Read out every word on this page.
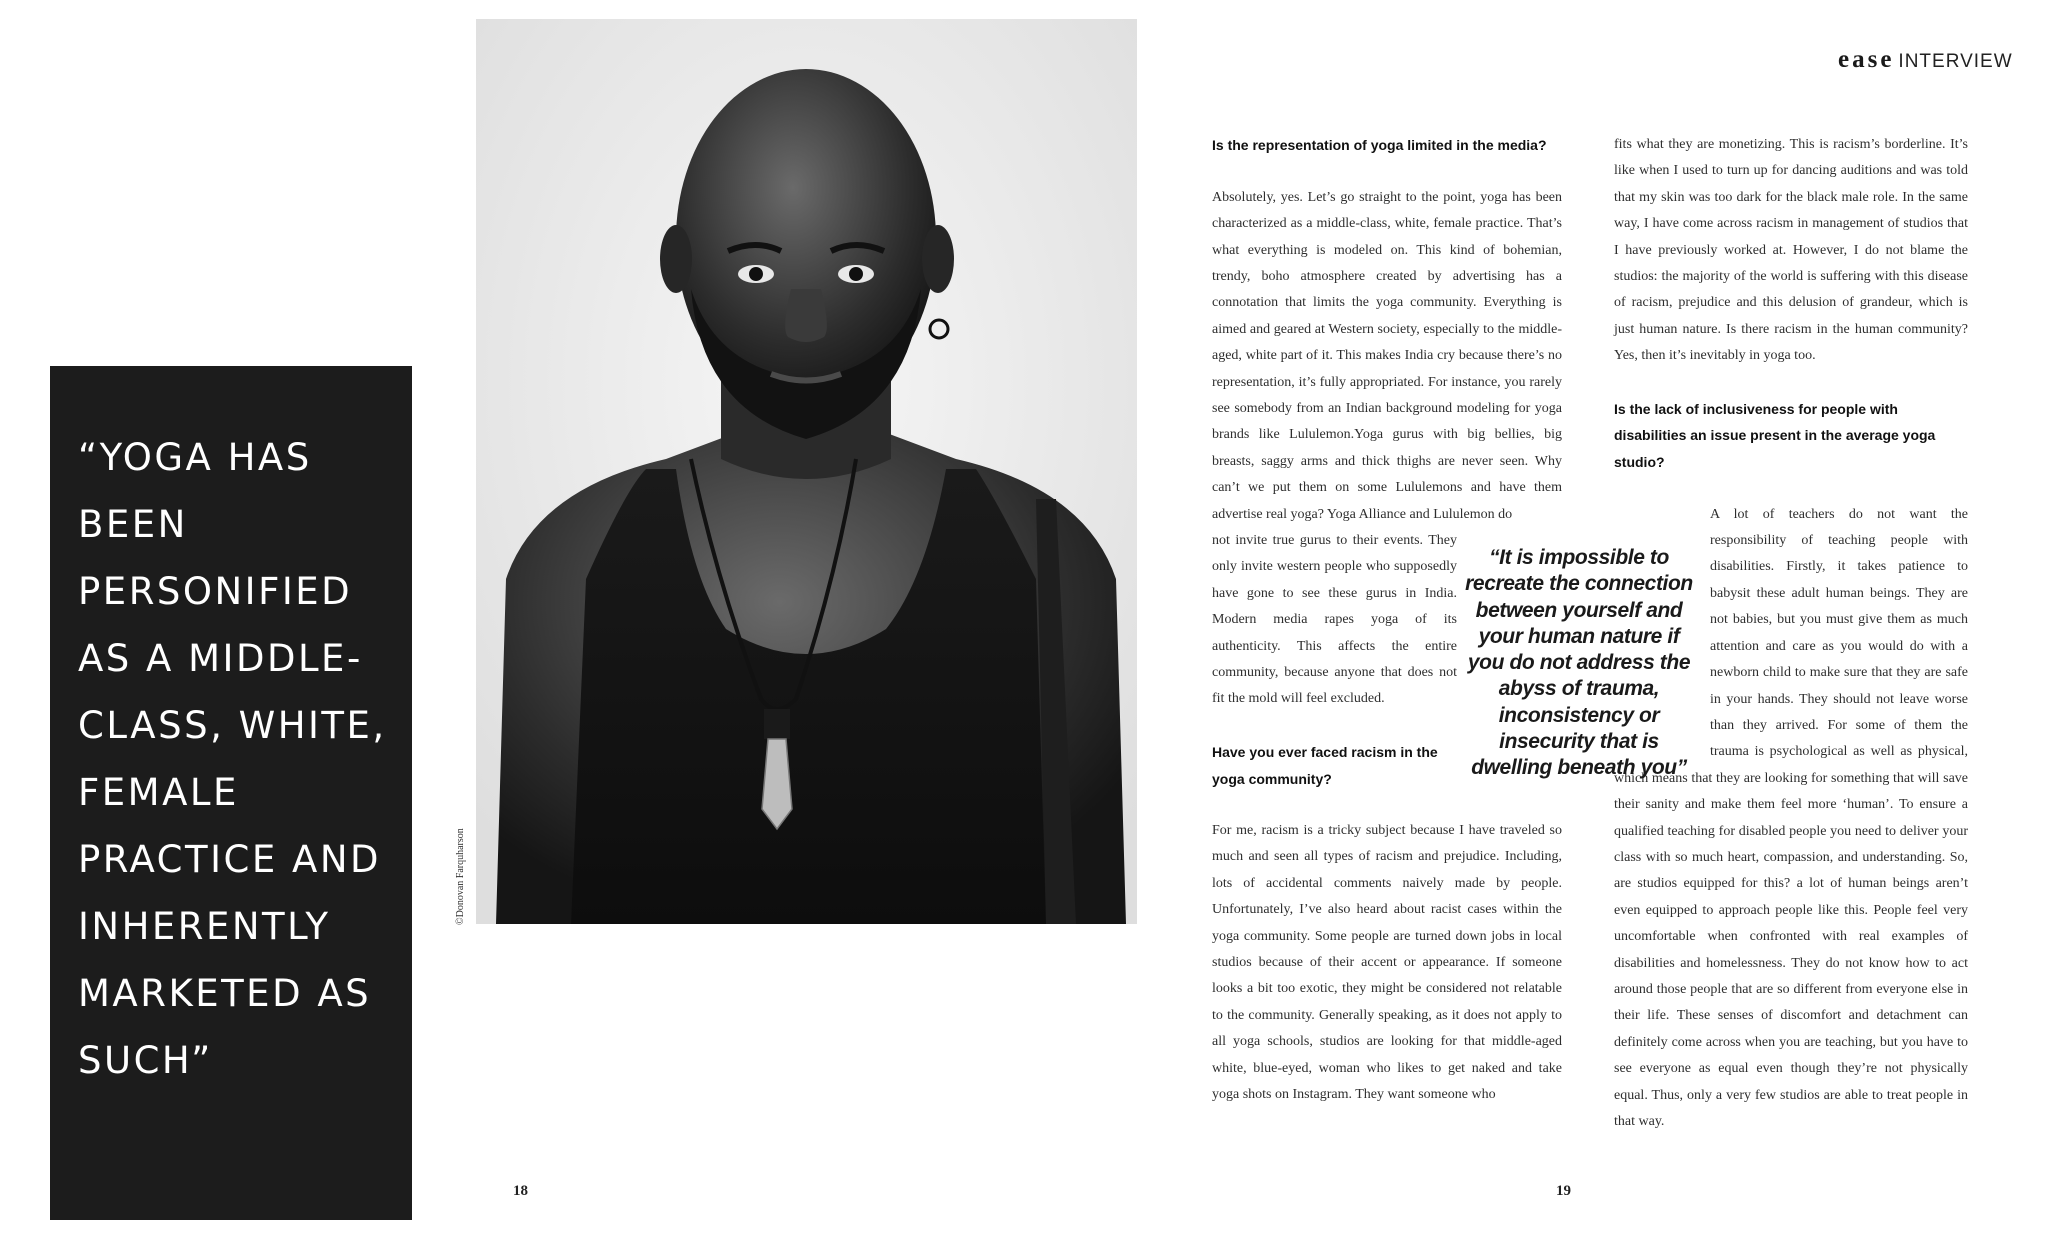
“YOGA HAS BEEN PERSONIFIED AS A MIDDLE-CLASS, WHITE, FEMALE PRACTICE AND INHERENTLY MARKETED AS SUCH”

©Donovan Farquharson
18
ease INTERVIEW

Is the representation of yoga limited in the media?

Absolutely, yes. Let’s go straight to the point, yoga has been characterized as a middle-class, white, female practice. That’s what everything is modeled on. This kind of bohemian, trendy, boho atmosphere created by advertising has a connotation that limits the yoga community. Everything is aimed and geared at Western society, especially to the middle-aged, white part of it. This makes India cry because there’s no representation, it’s fully appropriated. For instance, you rarely see somebody from an Indian background modeling for yoga brands like Lululemon.Yoga gurus with big bellies, big breasts, saggy arms and thick thighs are never seen. Why can’t we put them on some Lululemons and have them advertise real yoga? Yoga Alliance and Lululemon do

not invite true gurus to their events. They only invite western people who supposedly have gone to see these gurus in India. Modern media rapes yoga of its authenticity. This affects the entire community, because anyone that does not fit the mold will feel excluded.

Have you ever faced racism in the yoga community?

For me, racism is a tricky subject because I have traveled so much and seen all types of racism and prejudice. Including, lots of accidental comments naively made by people. Unfortunately, I’ve also heard about racist cases within the yoga community. Some people are turned down jobs in local studios because of their accent or appearance. If someone looks a bit too exotic, they might be considered not relatable to the community. Generally speaking, as it does not apply to all yoga schools, studios are looking for that middle-aged white, blue-eyed, woman who likes to get naked and take yoga shots on Instagram. They want someone who

fits what they are monetizing. This is racism’s borderline. It’s like when I used to turn up for dancing auditions and was told that my skin was too dark for the black male role. In the same way, I have come across racism in management of studios that I have previously worked at. However, I do not blame the studios: the majority of the world is suffering with this disease of racism, prejudice and this delusion of grandeur, which is just human nature. Is there racism in the human community? Yes, then it’s inevitably in yoga too.

Is the lack of inclusiveness for people with disabilities an issue present in the average yoga studio?

A lot of teachers do not want the responsibility of teaching people with disabilities. Firstly, it takes patience to babysit these adult human beings. They are not babies, but you must give them as much attention and care as you would do with a newborn child to make sure that they are safe in your hands. They should not leave worse than they arrived. For some of them the trauma is psychological as well as physical, which means that they are looking for something that will save their sanity and make them feel more ‘human’. To ensure a qualified teaching for disabled people you need to deliver your class with so much heart, compassion, and understanding. So, are studios equipped for this? a lot of human beings aren’t even equipped to approach people like this. People feel very uncomfortable when confronted with real examples of disabilities and homelessness. They do not know how to act around those people that are so different from everyone else in their life. These senses of discomfort and detachment can definitely come across when you are teaching, but you have to see everyone as equal even though they’re not physically equal. Thus, only a very few studios are able to treat people in that way.

“It is impossible to recreate the connection between yourself and your human nature if you do not address the abyss of trauma, inconsistency or insecurity that is dwelling beneath you”
19
